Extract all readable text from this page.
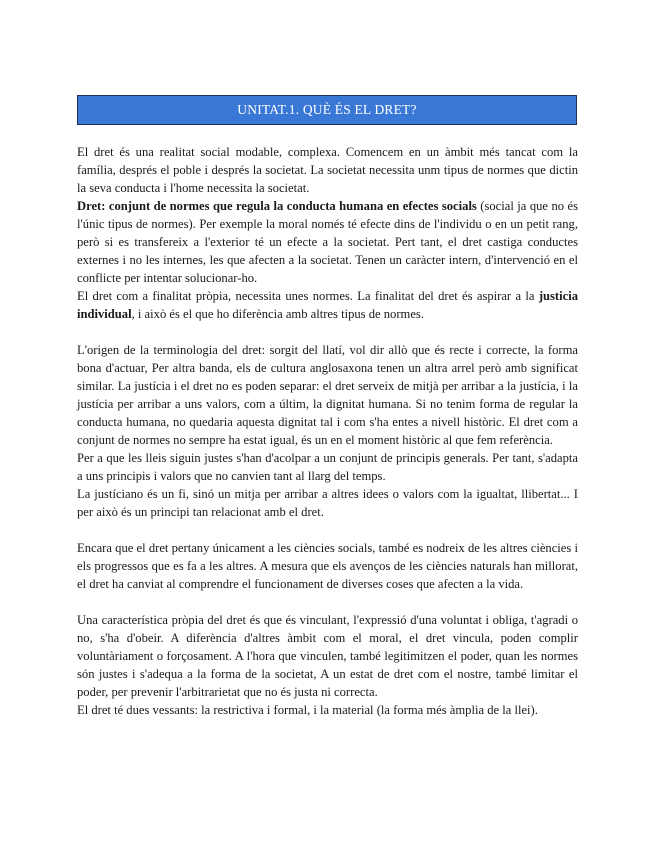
UNITAT.1. QUÈ ÉS EL DRET?

El dret és una realitat social modable, complexa. Comencem en un àmbit més tancat com la família, després el poble i després la societat. La societat necessita unm tipus de normes que dictin la seva conducta i l'home necessita la societat.

Dret: conjunt de normes que regula la conducta humana en efectes socials (social ja que no és l'únic tipus de normes). Per exemple la moral només té efecte dins de l'individu o en un petit rang, però si es transfereix a l'exterior té un efecte a la societat. Pert tant, el dret castiga conductes externes i no les internes, les que afecten a la societat. Tenen un caràcter intern, d'intervenció en el conflicte per intentar solucionar-ho.

El dret com a finalitat pròpia, necessita unes normes. La finalitat del dret és aspirar a la justicia individual, i això és el que ho diferència amb altres tipus de normes.

L'origen de la terminologia del dret: sorgit del llatí, vol dir allò que és recte i correcte, la forma bona d'actuar, Per altra banda, els de cultura anglosaxona tenen un altra arrel però amb significat similar. La justícia i el dret no es poden separar: el dret serveix de mitjà per arribar a la justícia, i la justícia per arribar a uns valors, com a últim, la dignitat humana. Si no tenim forma de regular la conducta humana, no quedaria aquesta dignitat tal i com s'ha entes a nivell històric. El dret com a conjunt de normes no sempre ha estat igual, és un en el moment històric al que fem referència.

Per a que les lleis siguin justes s'han d'acolpar a un conjunt de principis generals. Per tant, s'adapta a uns principis i valors que no canvien tant al llarg del temps.

La justíciano és un fi, sinó un mitja per arribar a altres idees o valors com la igualtat, llibertat... I per això és un principi tan relacionat amb el dret.

Encara que el dret pertany únicament a les ciències socials, també es nodreix de les altres ciències i els progressos que es fa a les altres. A mesura que els avenços de les ciències naturals han millorat, el dret ha canviat al comprendre el funcionament de diverses coses que afecten a la vida.

Una característica pròpia del dret és que és vinculant, l'expressió d'una voluntat i obliga, t'agradi o no, s'ha d'obeir. A diferència d'altres àmbit com el moral, el dret vincula, poden complir voluntàriament o forçosament. A l'hora que vinculen, també legitimitzen el poder, quan les normes són justes i s'adequa a la forma de la societat, A un estat de dret com el nostre, també limitar el poder, per prevenir l'arbitrarietat que no és justa ni correcta.

El dret té dues vessants: la restrictiva i formal, i la material (la forma més àmplia de la llei).
